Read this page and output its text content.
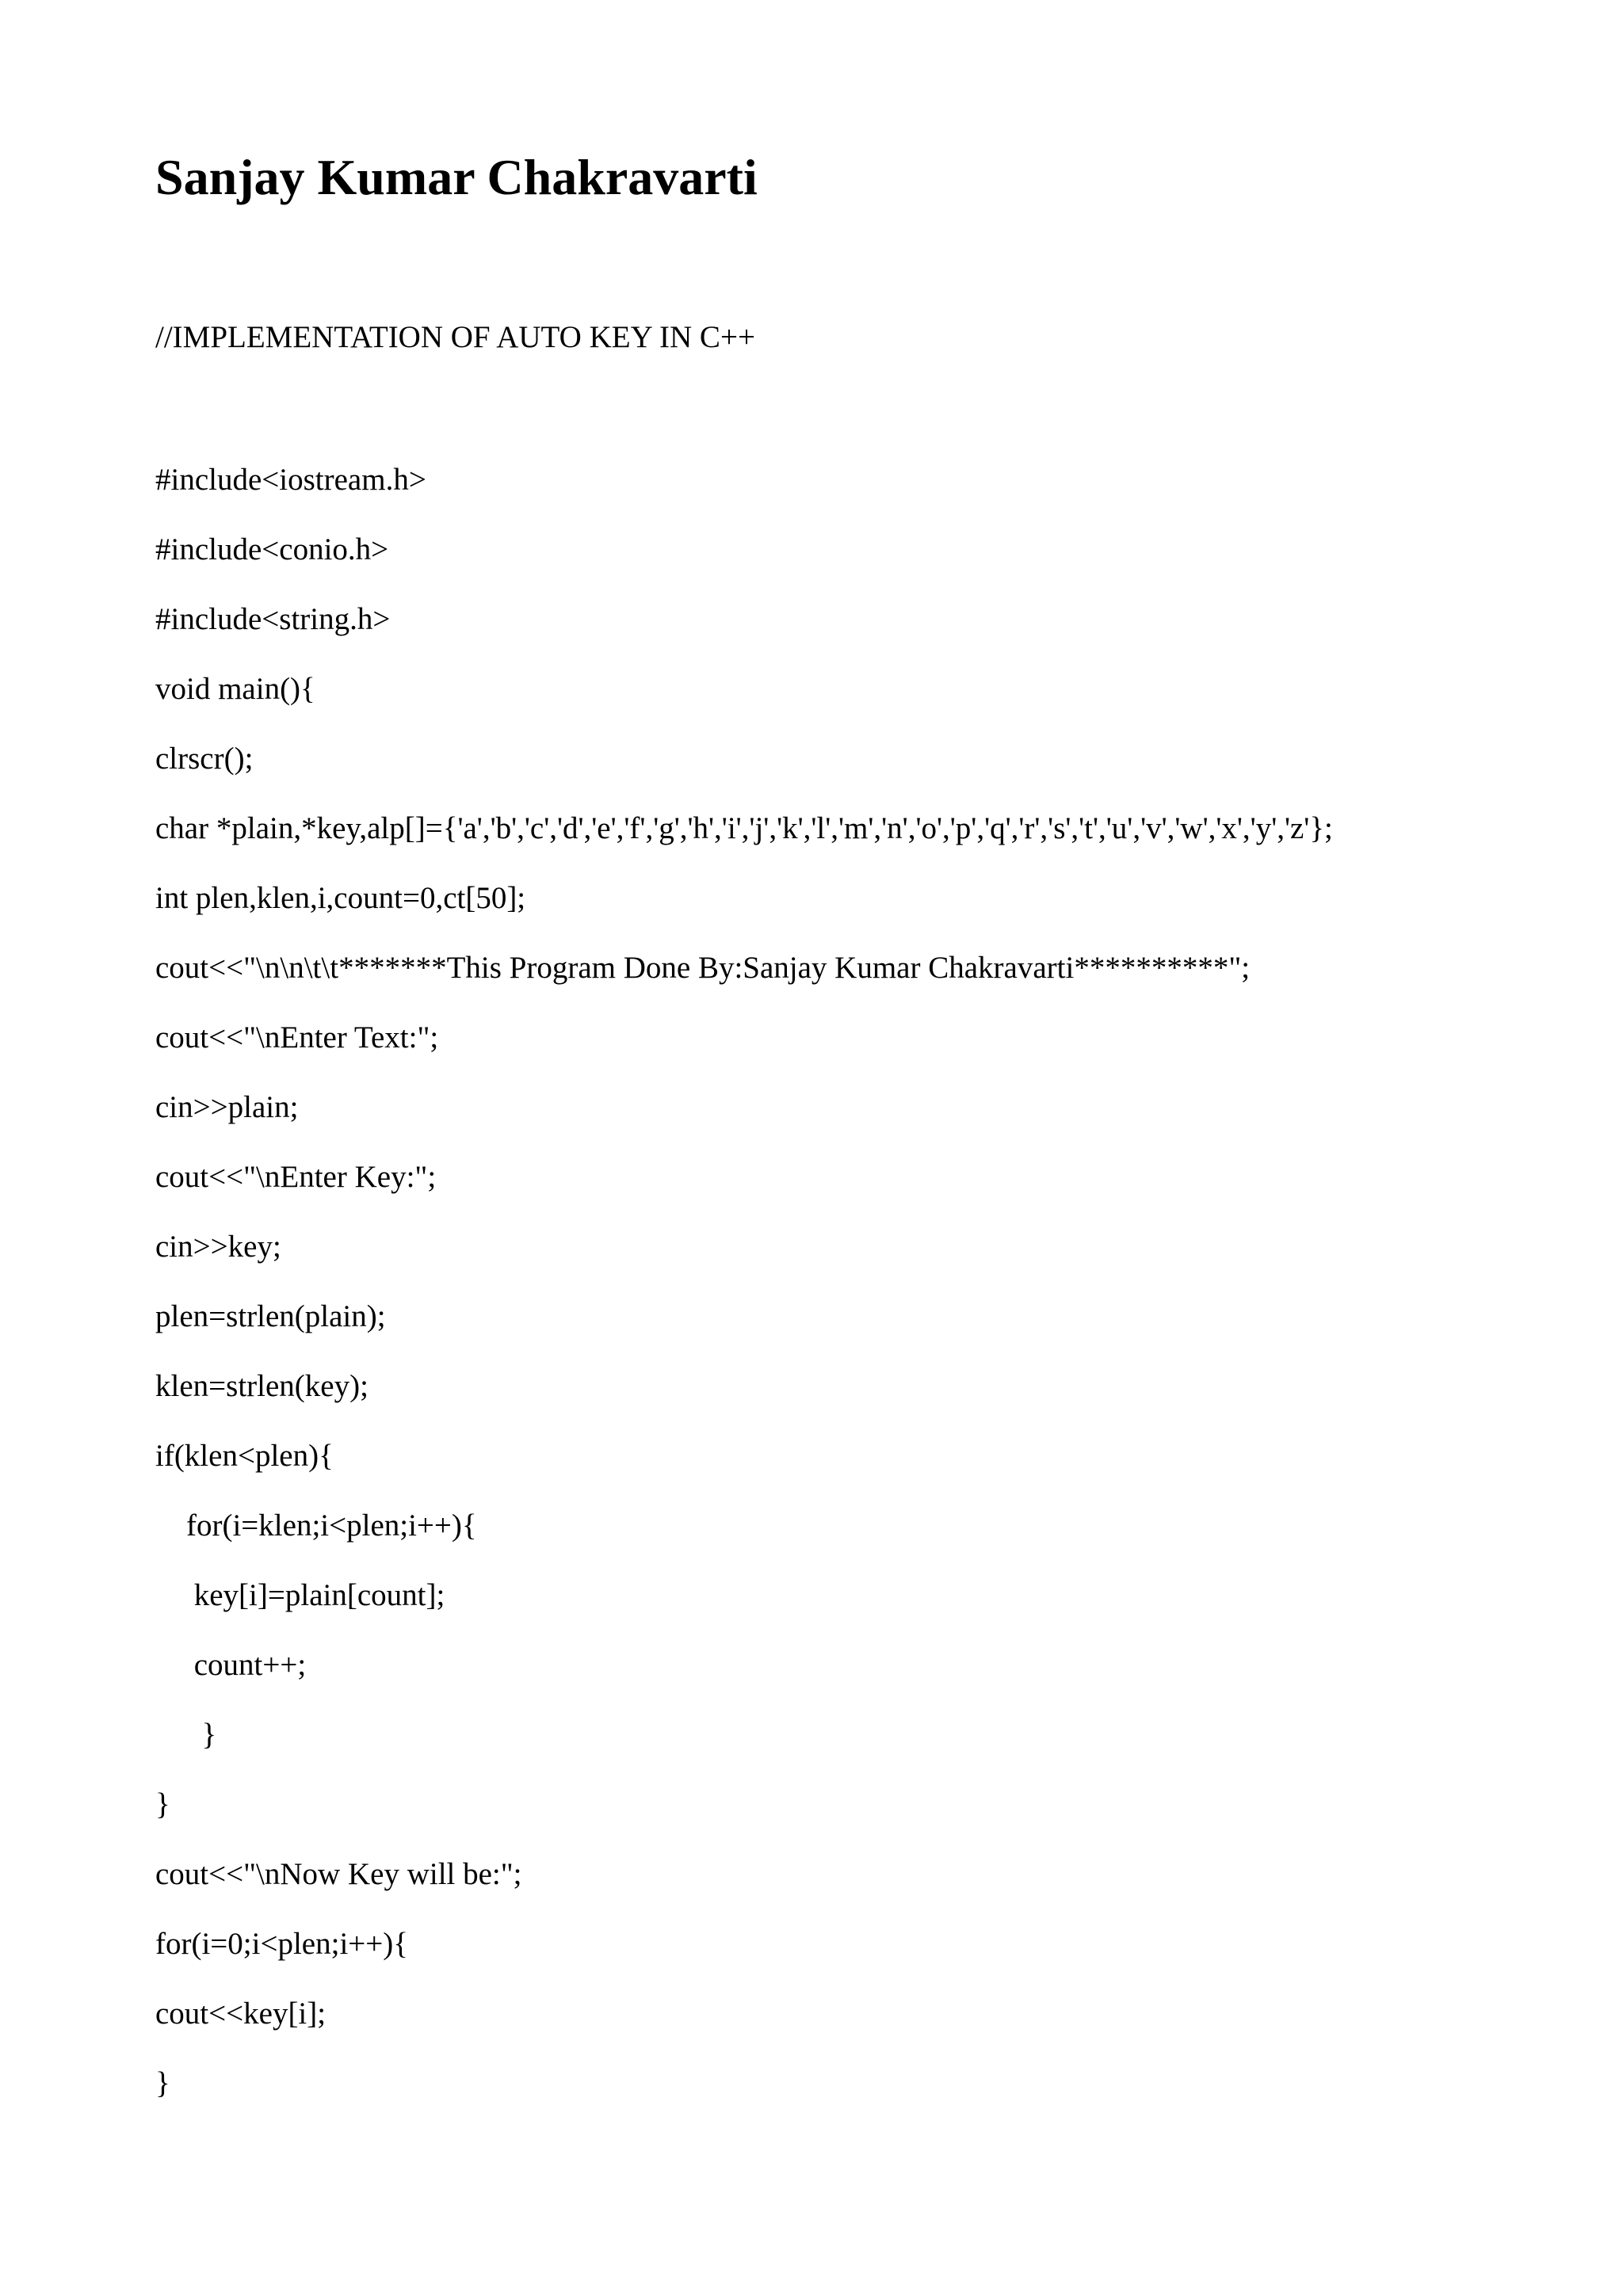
Sanjay Kumar Chakravarti
//IMPLEMENTATION OF AUTO KEY IN C++
#include<iostream.h>
#include<conio.h>
#include<string.h>
void main(){
clrscr();
char *plain,*key,alp[]={'a','b','c','d','e','f','g','h','i','j','k','l','m','n','o','p','q','r','s','t','u','v','w','x','y','z'};
int plen,klen,i,count=0,ct[50];
cout<<"\n\n\t\t*******This Program Done By:Sanjay Kumar Chakravarti**********";
cout<<"\nEnter Text:";
cin>>plain;
cout<<"\nEnter Key:";
cin>>key;
plen=strlen(plain);
klen=strlen(key);
if(klen<plen){
for(i=klen;i<plen;i++){
key[i]=plain[count];
count++;
}
}
cout<<"\nNow Key will be:";
for(i=0;i<plen;i++){
cout<<key[i];
}
